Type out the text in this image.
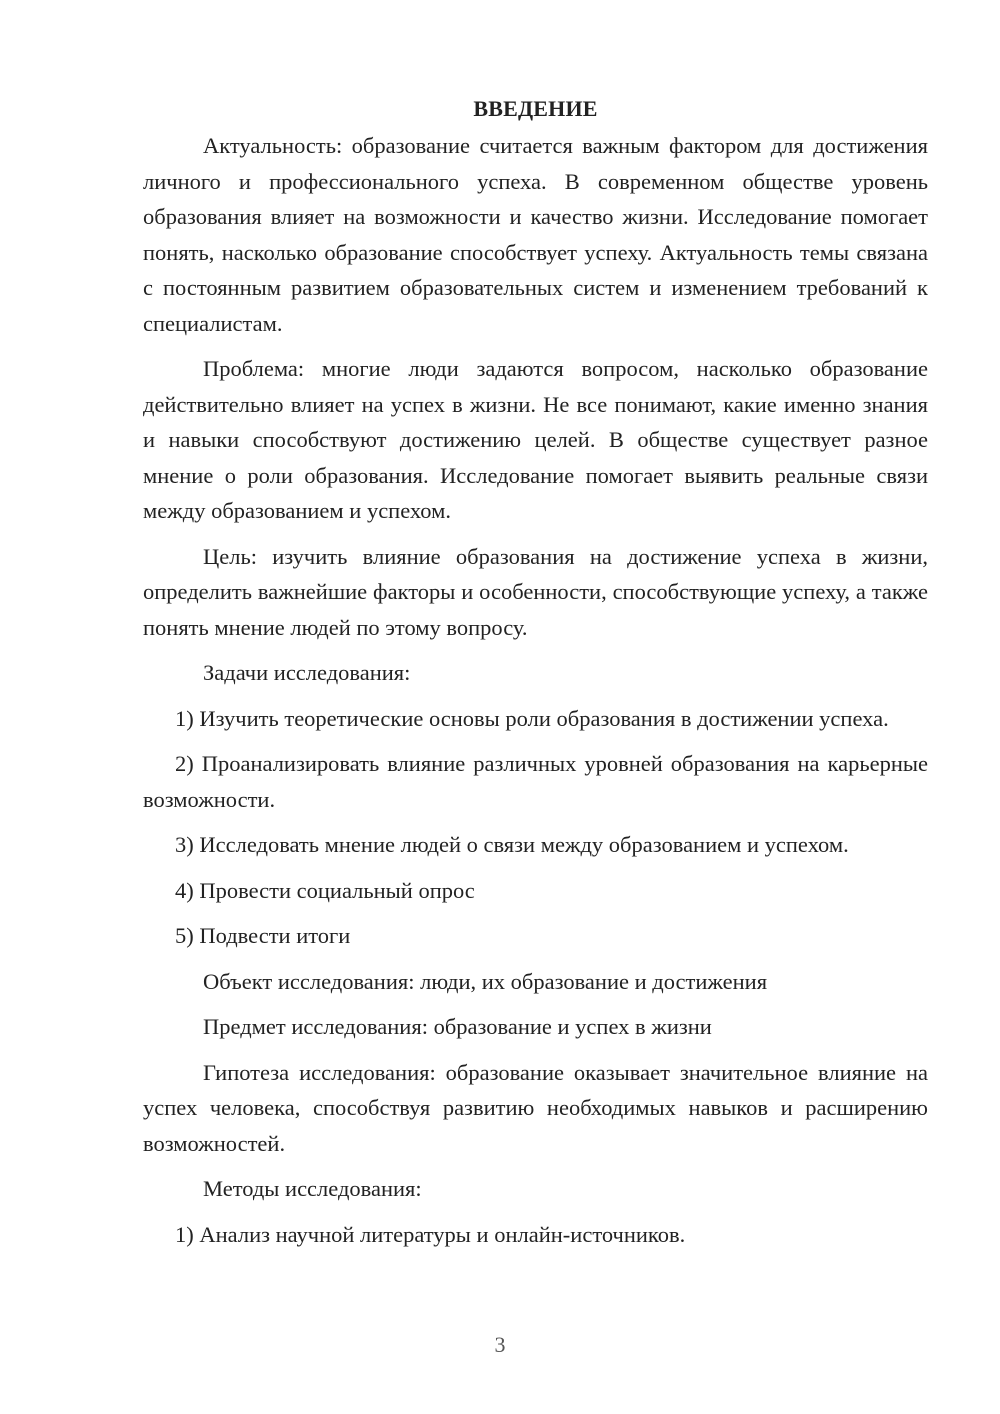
ВВЕДЕНИЕ

Актуальность: образование считается важным фактором для достижения личного и профессионального успеха. В современном обществе уровень образования влияет на возможности и качество жизни. Исследование помогает понять, насколько образование способствует успеху. Актуальность темы связана с постоянным развитием образовательных систем и изменением требований к специалистам.

Проблема: многие люди задаются вопросом, насколько образование действительно влияет на успех в жизни. Не все понимают, какие именно знания и навыки способствуют достижению целей. В обществе существует разное мнение о роли образования. Исследование помогает выявить реальные связи между образованием и успехом.

Цель: изучить влияние образования на достижение успеха в жизни, определить важнейшие факторы и особенности, способствующие успеху, а также понять мнение людей по этому вопросу.

Задачи исследования:

1) Изучить теоретические основы роли образования в достижении успеха.

2) Проанализировать влияние различных уровней образования на карьерные возможности.

3) Исследовать мнение людей о связи между образованием и успехом.

4) Провести социальный опрос

5) Подвести итоги

Объект исследования: люди, их образование и достижения

Предмет исследования: образование и успех в жизни

Гипотеза исследования: образование оказывает значительное влияние на успех человека, способствуя развитию необходимых навыков и расширению возможностей.

Методы исследования:

1) Анализ научной литературы и онлайн-источников.

3
